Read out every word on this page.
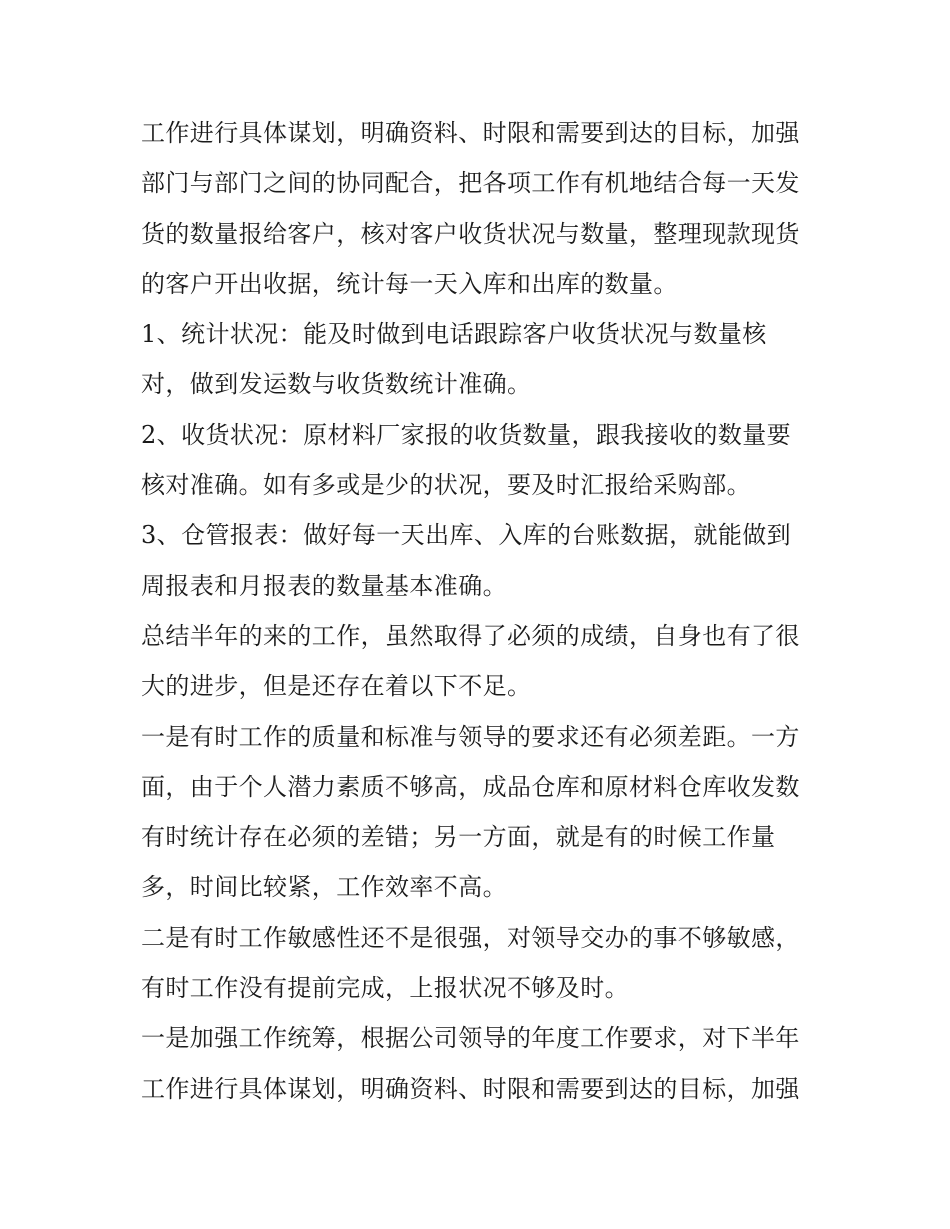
工作进行具体谋划，明确资料、时限和需要到达的目标，加强
部门与部门之间的协同配合，把各项工作有机地结合每一天发
货的数量报给客户，核对客户收货状况与数量，整理现款现货
的客户开出收据，统计每一天入库和出库的数量。
1、统计状况：能及时做到电话跟踪客户收货状况与数量核
对，做到发运数与收货数统计准确。
2、收货状况：原材料厂家报的收货数量，跟我接收的数量要
核对准确。如有多或是少的状况，要及时汇报给采购部。
3、仓管报表：做好每一天出库、入库的台账数据，就能做到
周报表和月报表的数量基本准确。
总结半年的来的工作，虽然取得了必须的成绩，自身也有了很
大的进步，但是还存在着以下不足。
一是有时工作的质量和标准与领导的要求还有必须差距。一方
面，由于个人潜力素质不够高，成品仓库和原材料仓库收发数
有时统计存在必须的差错；另一方面，就是有的时候工作量
多，时间比较紧，工作效率不高。
二是有时工作敏感性还不是很强，对领导交办的事不够敏感，
有时工作没有提前完成，上报状况不够及时。
一是加强工作统筹，根据公司领导的年度工作要求，对下半年
工作进行具体谋划，明确资料、时限和需要到达的目标，加强
